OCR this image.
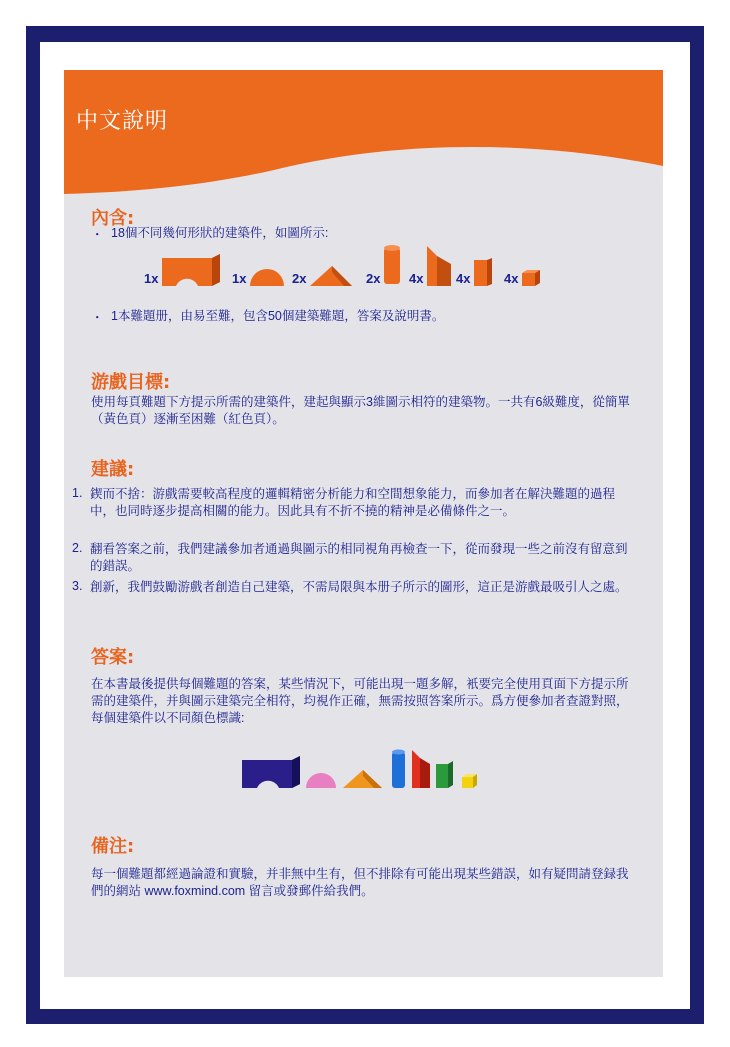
中文說明
內含:
・ 18個不同幾何形狀的建築件，如圖所示:
1x	1x	2x	2x 4x	4x	4x
・ 1本難題册，由易至難，包含50個建築難題，答案及說明書。
游戲目標:
使用每頁難題下方提示所需的建築件，建起與顯示3維圖示相符的建築物。一共有6級難度，從簡單（黃色頁）逐漸至困難（紅色頁）。
建議:
1. 鍥而不捨：游戲需要較高程度的邏輯精密分析能力和空間想象能力，而參加者在解決難題的過程中，也同時逐步提高相關的能力。因此具有不折不撓的精神是必備條件之一。
2. 翻看答案之前，我們建議參加者通過與圖示的相同視角再檢查一下，從而發現一些之前沒有留意到的錯誤。
3. 創新，我們鼓勵游戲者創造自己建築，不需局限與本册子所示的圖形，這正是游戲最吸引人之處。
答案:
在本書最後提供每個難題的答案，某些情況下，可能出現一題多解，衹要完全使用頁面下方提示所需的建築件，并與圖示建築完全相符，均視作正確，無需按照答案所示。爲方便參加者查證對照，每個建築件以不同顏色標識:
備注:
每一個難題都經過論證和實驗，并非無中生有，但不排除有可能出現某些錯誤，如有疑問請登録我們的網站 www.foxmind.com 留言或發郵件給我們。
